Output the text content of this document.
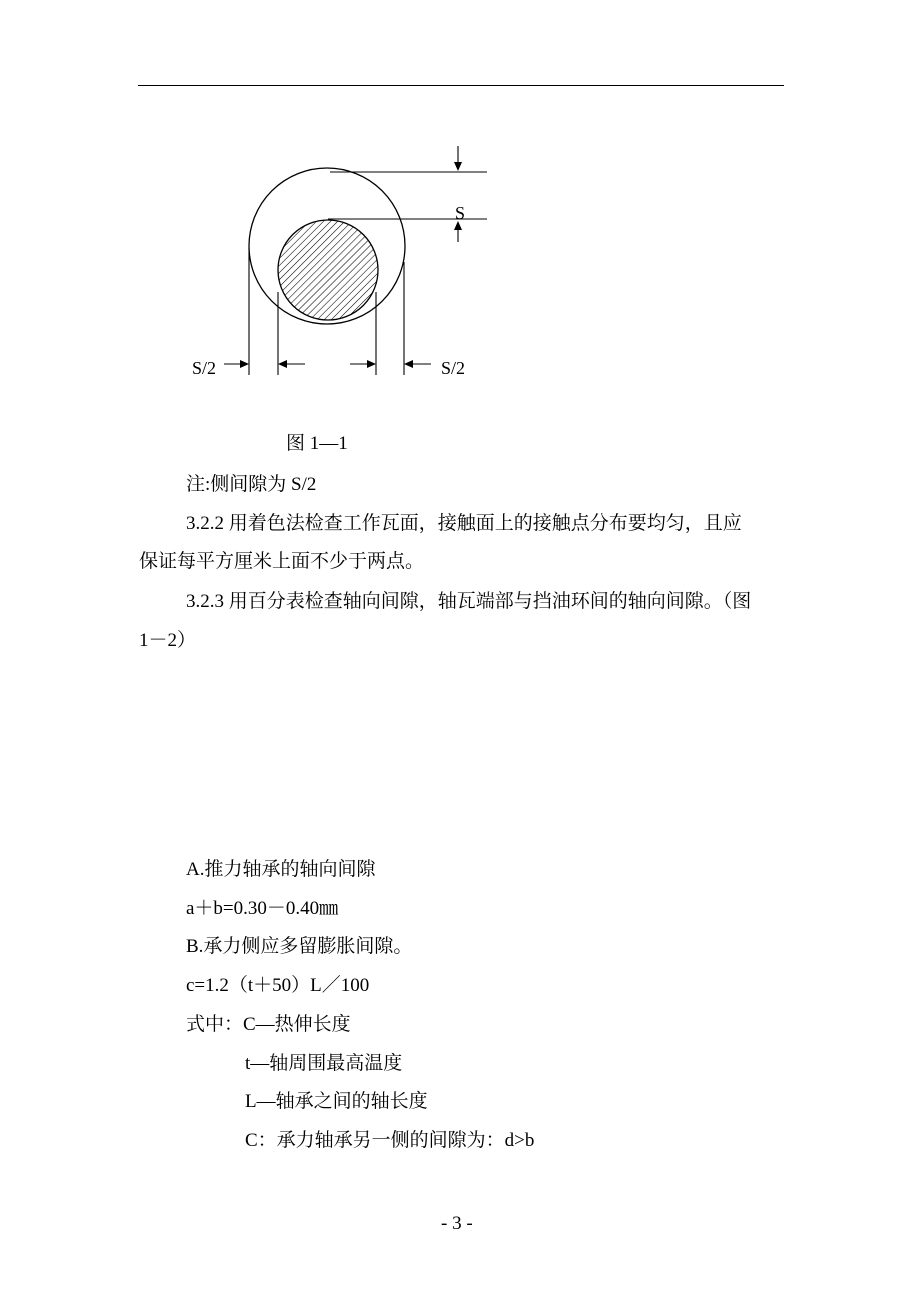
S
S/2	S/2
图 1—1
注:侧间隙为 S/2
3.2.2 用着色法检查工作瓦面，接触面上的接触点分布要均匀，且应
保证每平方厘米上面不少于两点。
3.2.3 用百分表检查轴向间隙，轴瓦端部与挡油环间的轴向间隙。（图
1－2）
A.推力轴承的轴向间隙
a＋b=0.30－0.40㎜
B.承力侧应多留膨胀间隙。
c=1.2（t＋50）L／100
式中：C—热伸长度
t—轴周围最高温度
L—轴承之间的轴长度
C：承力轴承另一侧的间隙为：d>b
- 3 -
